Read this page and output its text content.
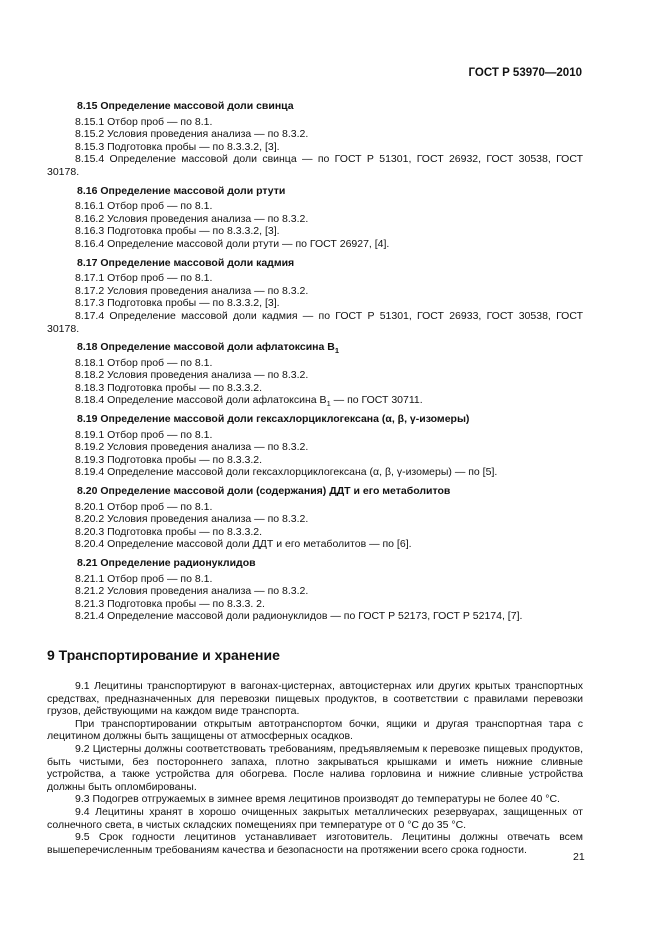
ГОСТ Р 53970—2010
8.15 Определение массовой доли свинца
8.15.1 Отбор проб — по 8.1.
8.15.2 Условия проведения анализа — по 8.3.2.
8.15.3 Подготовка пробы — по 8.3.3.2, [3].
8.15.4 Определение массовой доли свинца — по ГОСТ Р 51301, ГОСТ 26932, ГОСТ 30538, ГОСТ 30178.
8.16 Определение массовой доли ртути
8.16.1 Отбор проб — по 8.1.
8.16.2 Условия проведения анализа — по 8.3.2.
8.16.3 Подготовка пробы — по 8.3.3.2, [3].
8.16.4 Определение массовой доли ртути — по ГОСТ 26927, [4].
8.17 Определение массовой доли кадмия
8.17.1 Отбор проб — по 8.1.
8.17.2 Условия проведения анализа — по 8.3.2.
8.17.3 Подготовка пробы — по 8.3.3.2, [3].
8.17.4 Определение массовой доли кадмия — по ГОСТ Р 51301, ГОСТ 26933, ГОСТ 30538, ГОСТ 30178.
8.18 Определение массовой доли афлатоксина $В_1$
8.18.1 Отбор проб — по 8.1.
8.18.2 Условия проведения анализа — по 8.3.2.
8.18.3 Подготовка пробы — по 8.3.3.2.
8.18.4 Определение массовой доли афлатоксина $В_1$ — по ГОСТ 30711.
8.19 Определение массовой доли гексахлорциклогексана (α, β, γ-изомеры)
8.19.1 Отбор проб — по 8.1.
8.19.2 Условия проведения анализа — по 8.3.2.
8.19.3 Подготовка пробы — по 8.3.3.2.
8.19.4 Определение массовой доли гексахлорциклогексана (α, β, γ-изомеры) — по [5].
8.20 Определение массовой доли (содержания) ДДТ и его метаболитов
8.20.1 Отбор проб — по 8.1.
8.20.2 Условия проведения анализа — по 8.3.2.
8.20.3 Подготовка пробы — по 8.3.3.2.
8.20.4 Определение массовой доли ДДТ и его метаболитов — по [6].
8.21 Определение радионуклидов
8.21.1 Отбор проб — по 8.1.
8.21.2 Условия проведения анализа — по 8.3.2.
8.21.3 Подготовка пробы — по 8.3.3. 2.
8.21.4 Определение массовой доли радионуклидов — по ГОСТ Р 52173, ГОСТ Р 52174, [7].
9 Транспортирование и хранение
9.1 Лецитины транспортируют в вагонах-цистернах, автоцистернах или других крытых транспортных средствах, предназначенных для перевозки пищевых продуктов, в соответствии с правилами перевозки грузов, действующими на каждом виде транспорта.
При транспортировании открытым автотранспортом бочки, ящики и другая транспортная тара с лецитином должны быть защищены от атмосферных осадков.
9.2 Цистерны должны соответствовать требованиям, предъявляемым к перевозке пищевых продуктов, быть чистыми, без постороннего запаха, плотно закрываться крышками и иметь нижние сливные устройства, а также устройства для обогрева. После налива горловина и нижние сливные устройства должны быть опломбированы.
9.3 Подогрев отгружаемых в зимнее время лецитинов производят до температуры не более 40 °С.
9.4 Лецитины хранят в хорошо очищенных закрытых металлических резервуарах, защищенных от солнечного света, в чистых складских помещениях при температуре от 0 °С до 35 °С.
9.5 Срок годности лецитинов устанавливает изготовитель. Лецитины должны отвечать всем вышеперечисленным требованиям качества и безопасности на протяжении всего срока годности.
21
